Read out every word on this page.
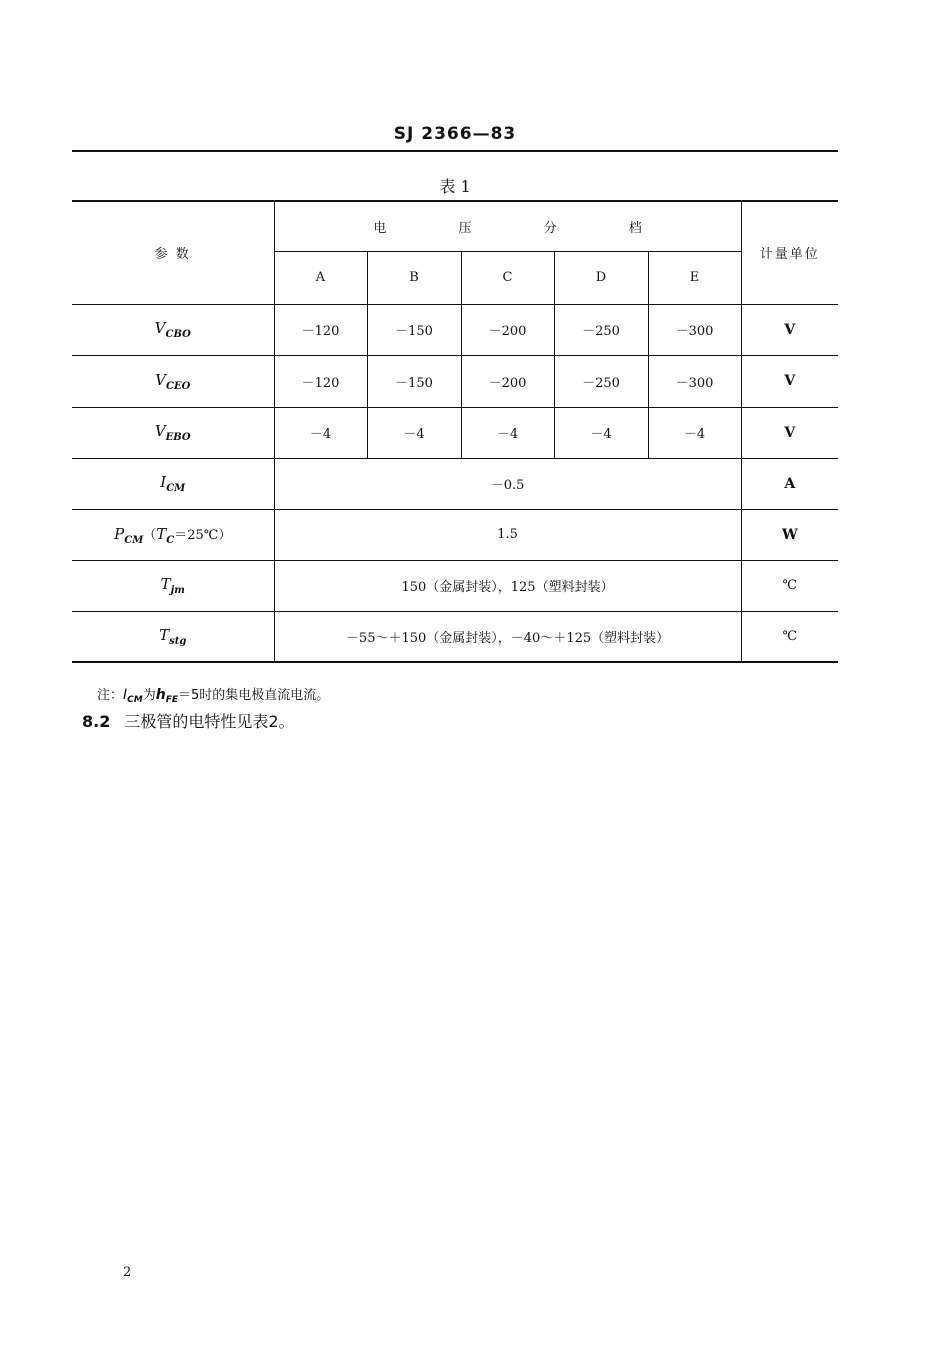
SJ 2366—83
表 1
参 数	电 压 分 档					计量单位
	A	B	C	D	E	
$V_{CBO}$	－120	－150	－200	－250	－300	V
$V_{CEO}$	－120	－150	－200	－250	－300	V
$V_{EBO}$	－4	－4	－4	－4	－4	V
$I_{CM}$	－0.5					A
$P_{CM}(T_C=25℃)$	1.5					W
$T_{jm}$	150（金属封装），125（塑料封装）					℃
$T_{stg}$	－55～＋150（金属封装），－40～＋125（塑料封装）					℃
注：$I_{CM}$为$h_{FE}=5$时的集电极直流电流。
8.2 三极管的电特性见表2。
2
